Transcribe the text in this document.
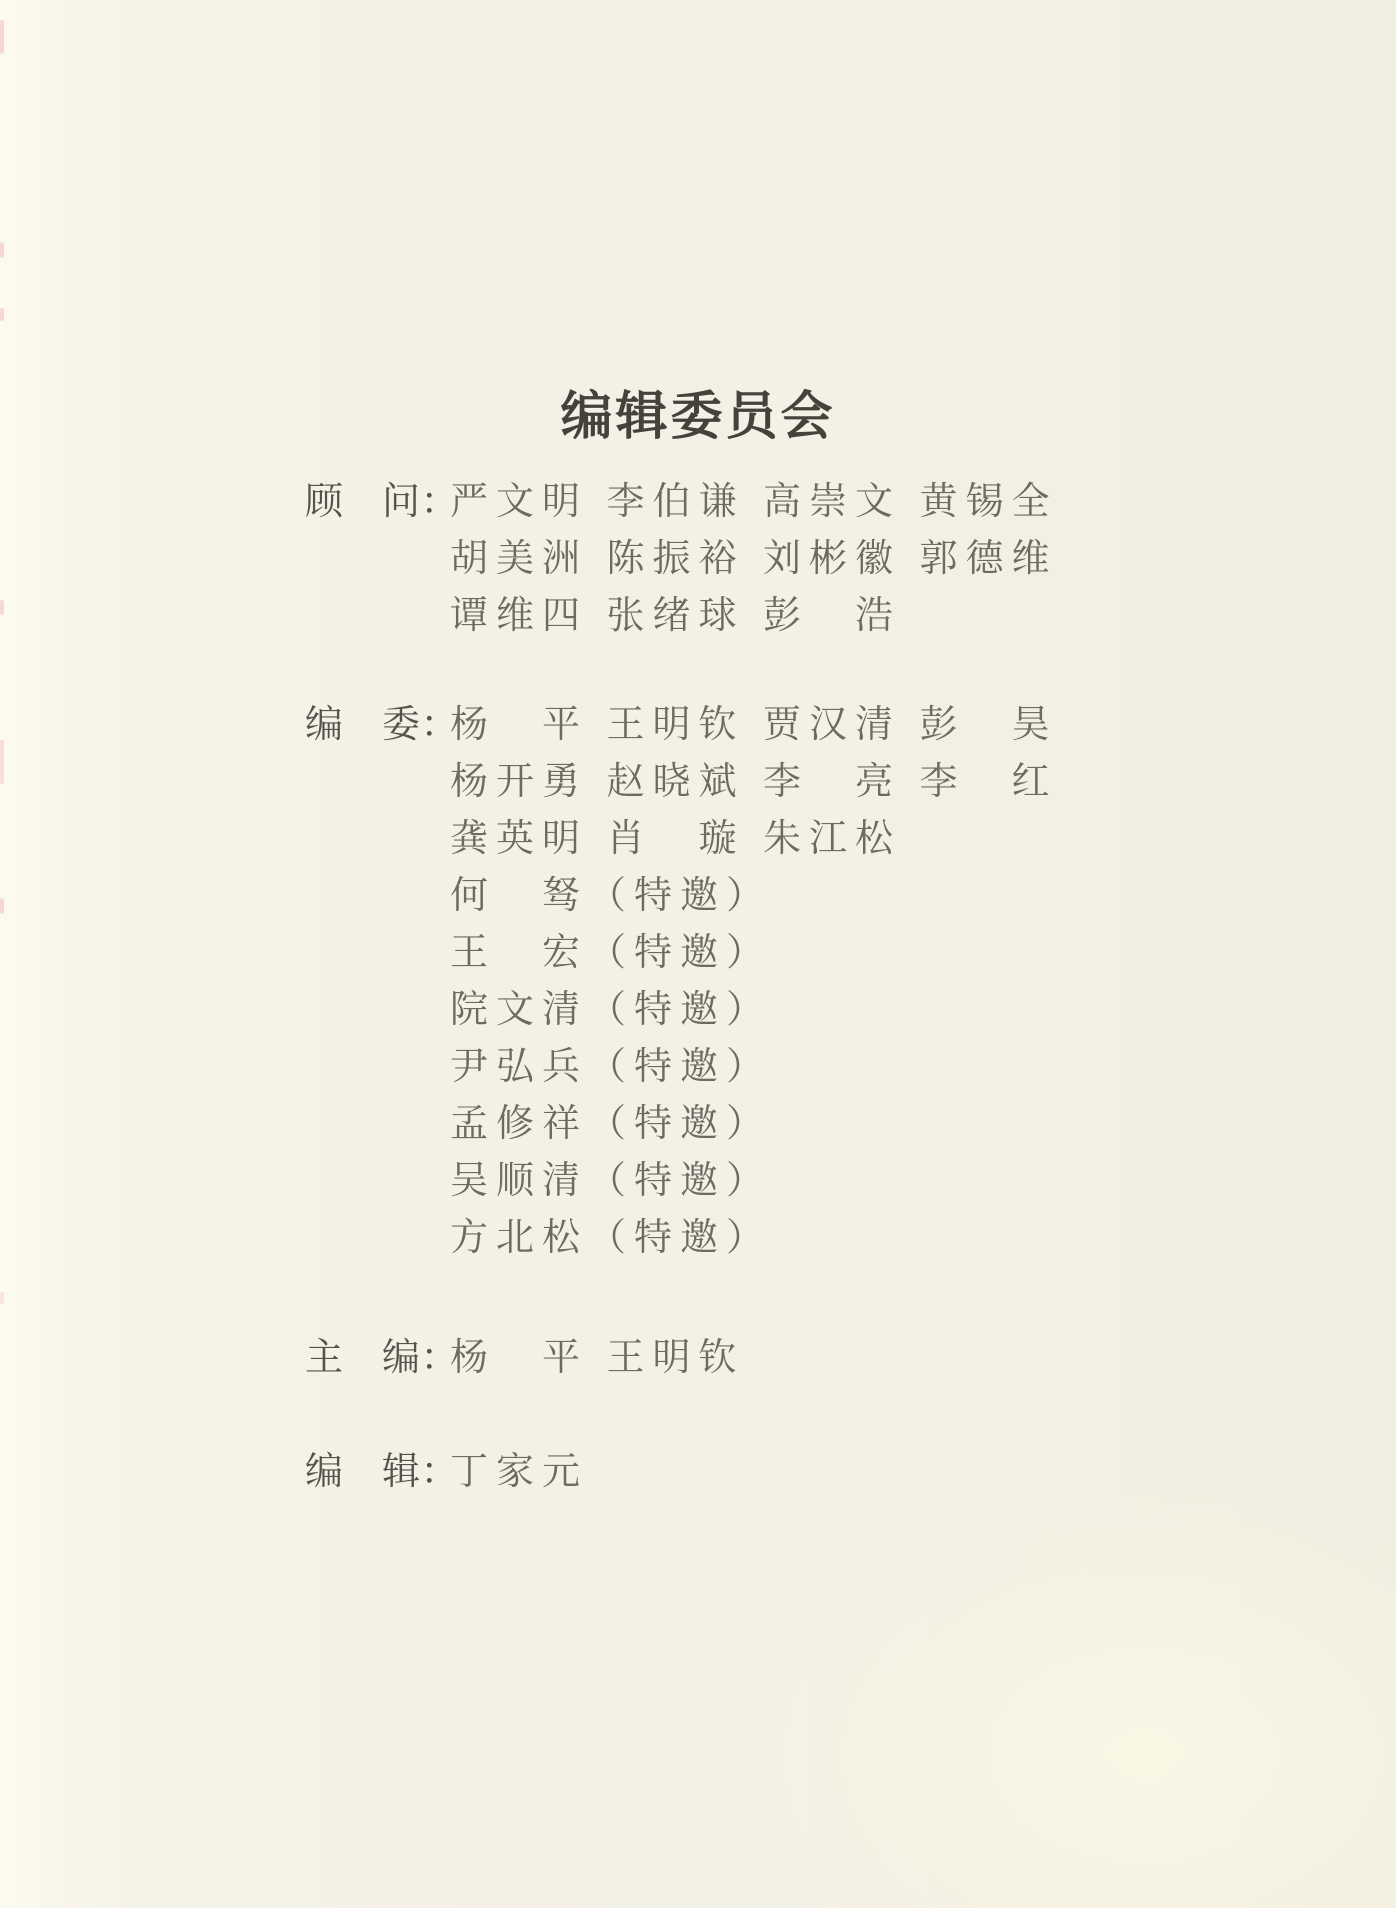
编辑委员会
顾　问：
严文明 李伯谦 高崇文 黄锡全
胡美洲 陈振裕 刘彬徽 郭德维
谭维四 张绪球 彭　浩
编　委：
杨　平 王明钦 贾汉清 彭　昊
杨开勇 赵晓斌 李　亮 李　红
龚英明 肖　璇 朱江松
何　驽（特邀）
王　宏（特邀）
院文清（特邀）
尹弘兵（特邀）
孟修祥（特邀）
吴顺清（特邀）
方北松（特邀）
主　编：
杨　平 王明钦
编　辑：
丁家元
